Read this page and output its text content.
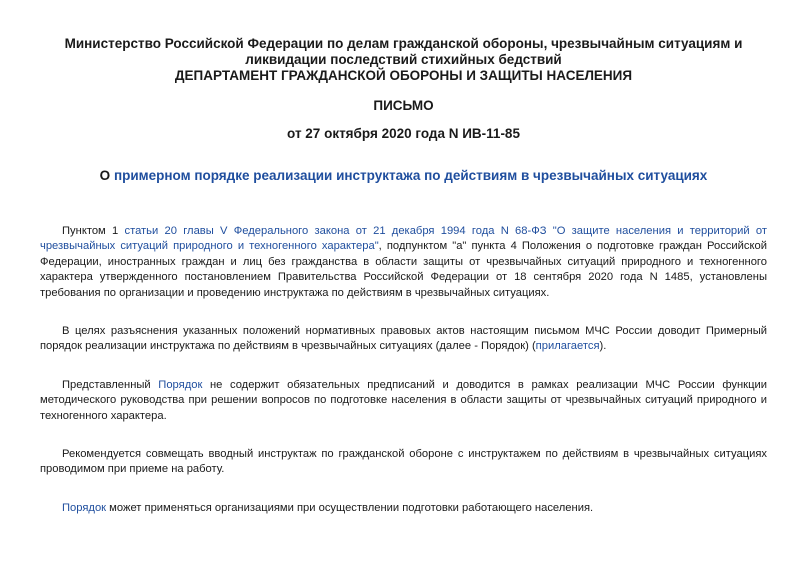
Министерство Российской Федерации по делам гражданской обороны, чрезвычайным ситуациям и
ликвидации последствий стихийных бедствий
ДЕПАРТАМЕНТ ГРАЖДАНСКОЙ ОБОРОНЫ И ЗАЩИТЫ НАСЕЛЕНИЯ
ПИСЬМО
от 27 октября 2020 года N ИВ-11-85
О примерном порядке реализации инструктажа по действиям в чрезвычайных ситуациях

Пунктом 1 статьи 20 главы V Федерального закона от 21 декабря 1994 года N 68-ФЗ "О защите населения и территорий от чрезвычайных ситуаций природного и техногенного характера", подпунктом "а" пункта 4 Положения о подготовке граждан Российской Федерации, иностранных граждан и лиц без гражданства в области защиты от чрезвычайных ситуаций природного и техногенного характера утвержденного постановлением Правительства Российской Федерации от 18 сентября 2020 года N 1485, установлены требования по организации и проведению инструктажа по действиям в чрезвычайных ситуациях.

В целях разъяснения указанных положений нормативных правовых актов настоящим письмом МЧС России доводит Примерный порядок реализации инструктажа по действиям в чрезвычайных ситуациях (далее - Порядок) (прилагается).

Представленный Порядок не содержит обязательных предписаний и доводится в рамках реализации МЧС России функции методического руководства при решении вопросов по подготовке населения в области защиты от чрезвычайных ситуаций природного и техногенного характера.

Рекомендуется совмещать вводный инструктаж по гражданской обороне с инструктажем по действиям в чрезвычайных ситуациях проводимом при приеме на работу.

Порядок может применяться организациями при осуществлении подготовки работающего населения.
